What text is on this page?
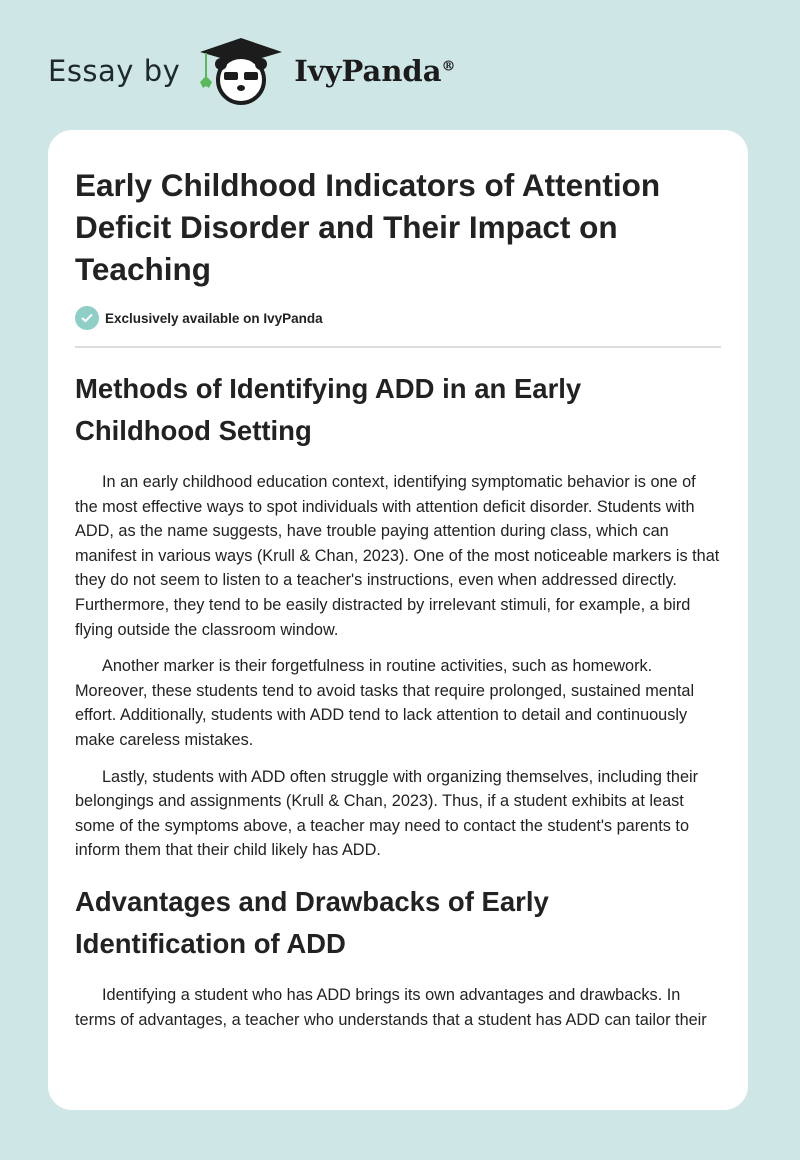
Essay by	IvyPanda®
Early Childhood Indicators of Attention Deficit Disorder and Their Impact on Teaching
Exclusively available on IvyPanda
Methods of Identifying ADD in an Early Childhood Setting

In an early childhood education context, identifying symptomatic behavior is one of the most effective ways to spot individuals with attention deficit disorder. Students with ADD, as the name suggests, have trouble paying attention during class, which can manifest in various ways (Krull & Chan, 2023). One of the most noticeable markers is that they do not seem to listen to a teacher's instructions, even when addressed directly. Furthermore, they tend to be easily distracted by irrelevant stimuli, for example, a bird flying outside the classroom window.

Another marker is their forgetfulness in routine activities, such as homework. Moreover, these students tend to avoid tasks that require prolonged, sustained mental effort. Additionally, students with ADD tend to lack attention to detail and continuously make careless mistakes.

Lastly, students with ADD often struggle with organizing themselves, including their belongings and assignments (Krull & Chan, 2023). Thus, if a student exhibits at least some of the symptoms above, a teacher may need to contact the student's parents to inform them that their child likely has ADD.

Advantages and Drawbacks of Early Identification of ADD

Identifying a student who has ADD brings its own advantages and drawbacks. In terms of advantages, a teacher who understands that a student has ADD can tailor their
